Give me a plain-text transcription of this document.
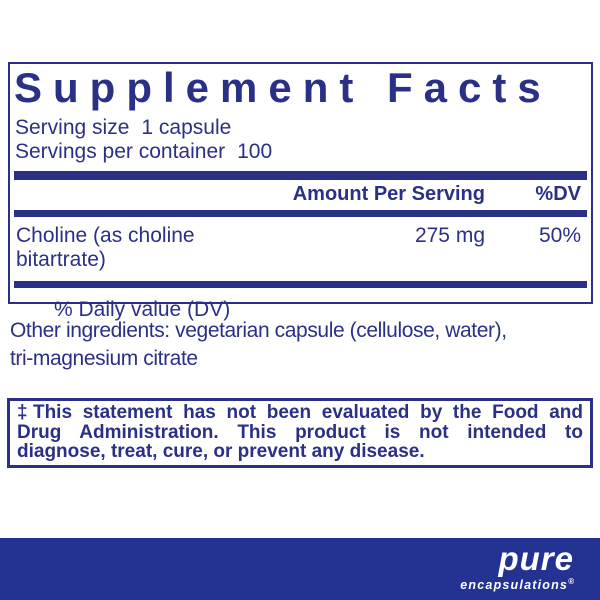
Supplement Facts
Serving size 1 capsule
Servings per container 100
Amount Per Serving	%DV
Choline (as choline bitartrate)
275 mg	50%
% Daily value (DV)
Other ingredients: vegetarian capsule (cellulose, water),
tri-magnesium citrate
‡This statement has not been evaluated by the Food and
Drug Administration. This product is not intended to
diagnose, treat, cure, or prevent any disease.
pure
encapsulations®
